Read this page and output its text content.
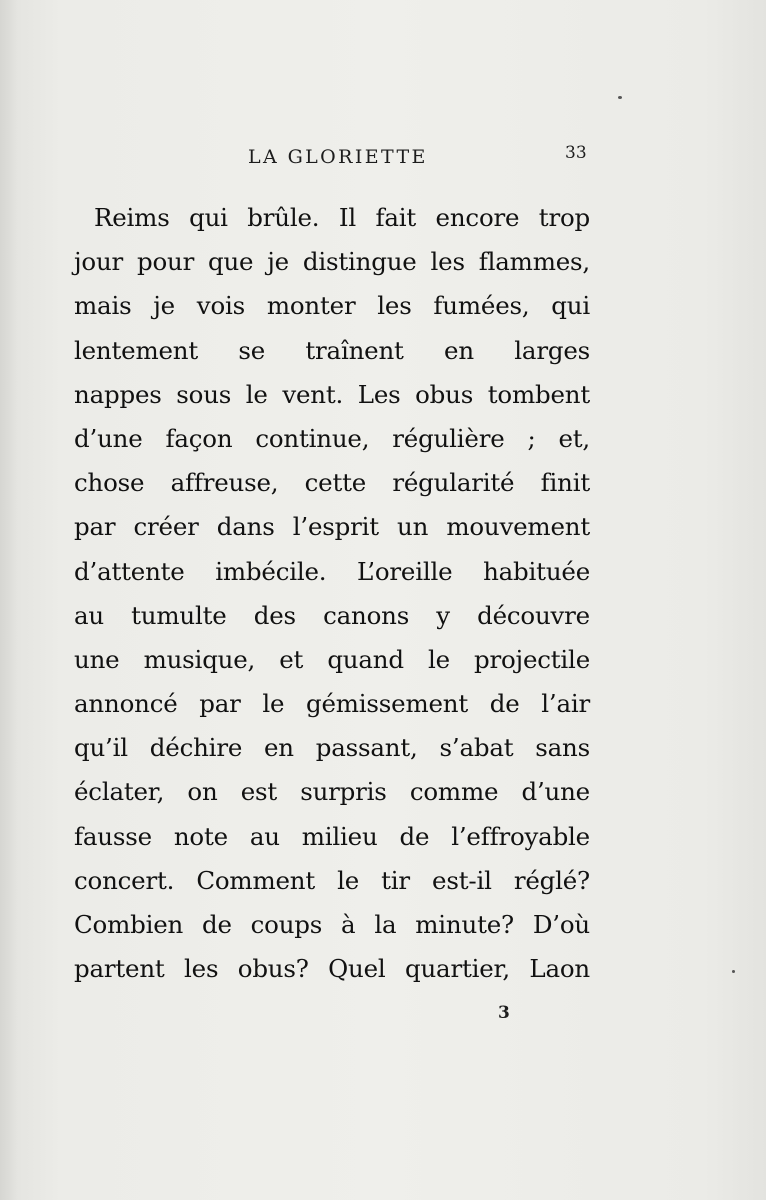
LA GLORIETTE	33
Reims qui brûle. Il fait encore trop
jour pour que je distingue les flammes,
mais je vois monter les fumées, qui
lentement se traînent en larges
nappes sous le vent. Les obus tombent
d’une façon continue, régulière ; et,
chose affreuse, cette régularité finit
par créer dans l’esprit un mouvement
d’attente imbécile. L’oreille habituée
au tumulte des canons y découvre
une musique, et quand le projectile
annoncé par le gémissement de l’air
qu’il déchire en passant, s’abat sans
éclater, on est surpris comme d’une
fausse note au milieu de l’effroyable
concert. Comment le tir est-il réglé?
Combien de coups à la minute? D’où
partent les obus? Quel quartier, Laon
3
